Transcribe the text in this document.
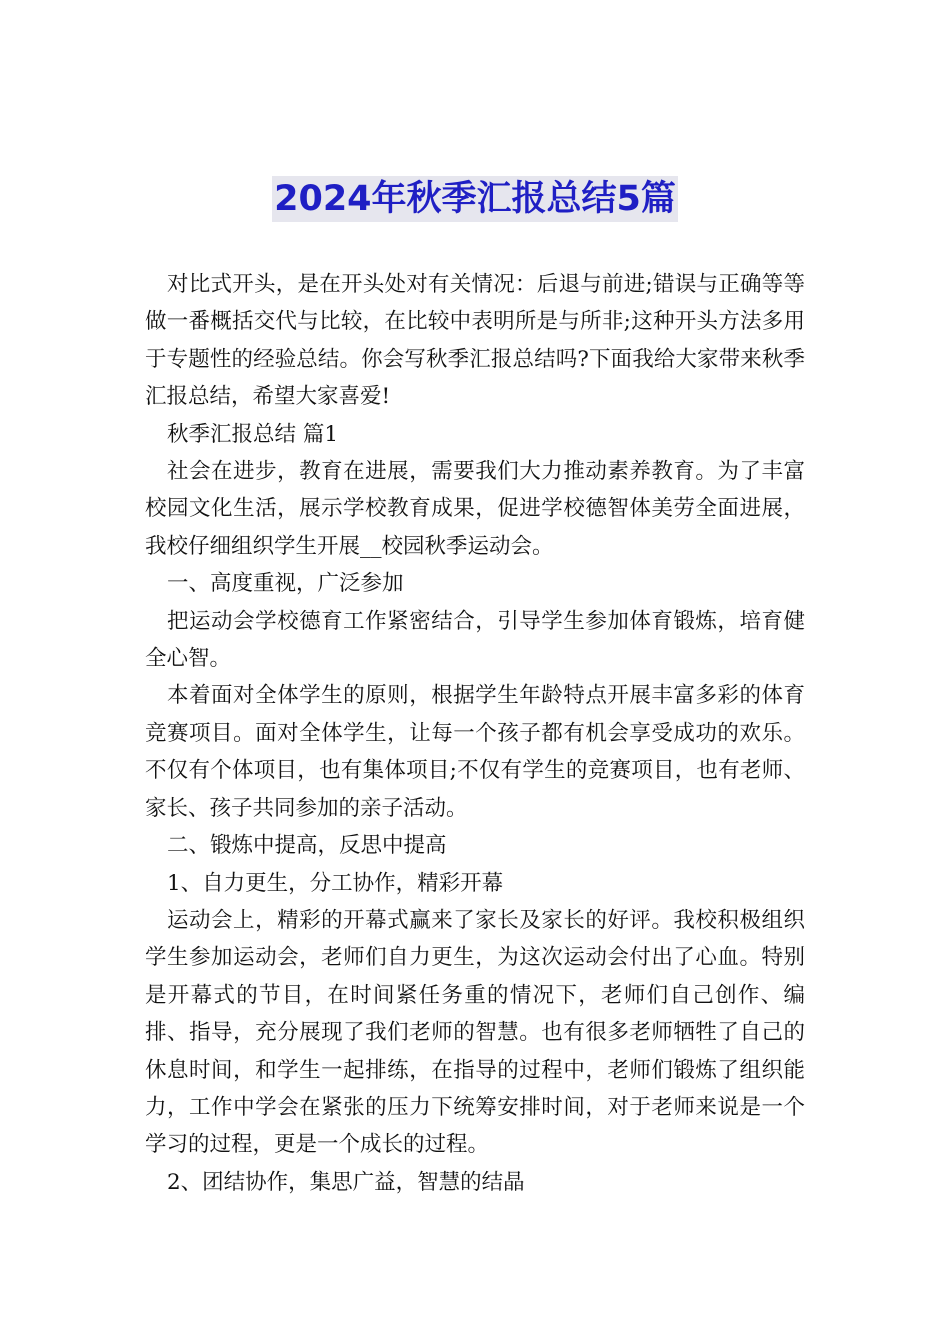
2024年秋季汇报总结5篇

对比式开头，是在开头处对有关情况：后退与前进;错误与正确等等做一番概括交代与比较，在比较中表明所是与所非;这种开头方法多用于专题性的经验总结。你会写秋季汇报总结吗?下面我给大家带来秋季汇报总结，希望大家喜爱!

秋季汇报总结 篇1

社会在进步，教育在进展，需要我们大力推动素养教育。为了丰富校园文化生活，展示学校教育成果，促进学校德智体美劳全面进展，我校仔细组织学生开展__校园秋季运动会。

一、高度重视，广泛参加

把运动会学校德育工作紧密结合，引导学生参加体育锻炼，培育健全心智。

本着面对全体学生的原则，根据学生年龄特点开展丰富多彩的体育竞赛项目。面对全体学生，让每一个孩子都有机会享受成功的欢乐。不仅有个体项目，也有集体项目;不仅有学生的竞赛项目，也有老师、家长、孩子共同参加的亲子活动。

二、锻炼中提高，反思中提高

1、自力更生，分工协作，精彩开幕

运动会上，精彩的开幕式赢来了家长及家长的好评。我校积极组织学生参加运动会，老师们自力更生，为这次运动会付出了心血。特别是开幕式的节目，在时间紧任务重的情况下，老师们自己创作、编排、指导，充分展现了我们老师的智慧。也有很多老师牺牲了自己的休息时间，和学生一起排练，在指导的过程中，老师们锻炼了组织能力，工作中学会在紧张的压力下统筹安排时间，对于老师来说是一个学习的过程，更是一个成长的过程。

2、团结协作，集思广益，智慧的结晶
